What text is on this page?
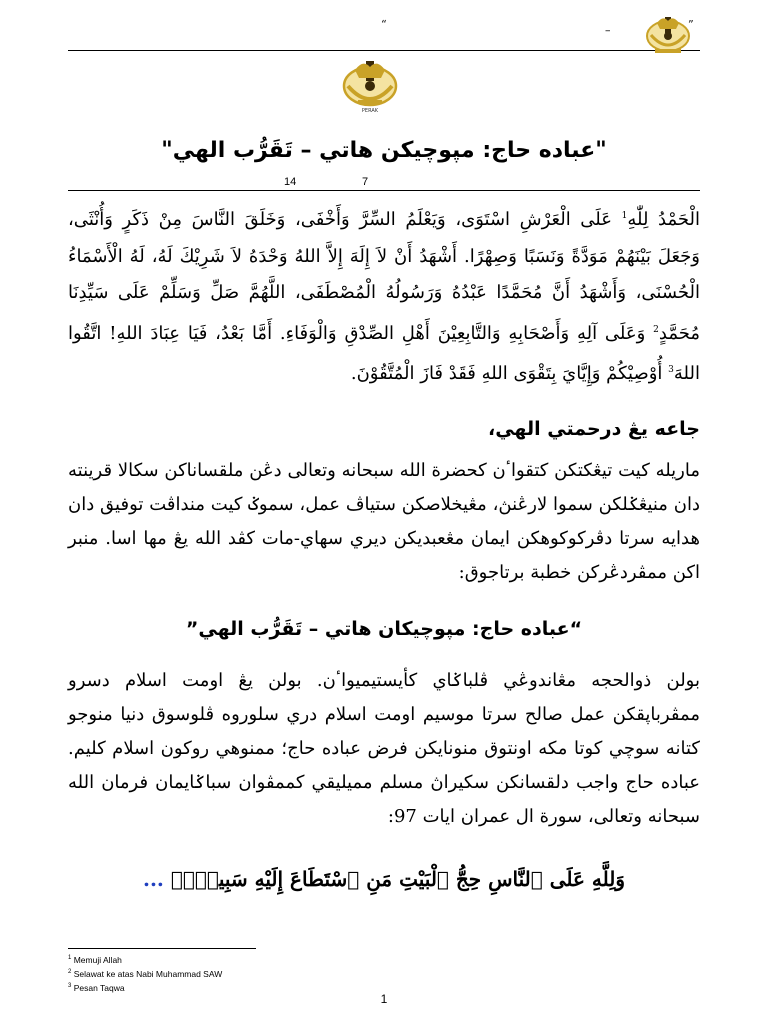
“	–	”
PERAK
"عباده حاج: مڽوچيکن هاتي – تَقَرُّب الهي"
14	7

الْحَمْدُ لِلّٰهِ$^1$ عَلَى الْعَرْشِ اسْتَوَى، وَيَعْلَمُ السِّرَّ وَأَخْفَى، وَخَلَقَ النَّاسَ مِنْ ذَكَرٍ وَأُنْثَى، وَجَعَلَ بَيْنَهُمْ مَوَدَّةً وَنَسَبًا وَصِهْرًا. أَشْهَدُ أَنْ لاَ إِلَهَ إِلاَّ اللهُ وَحْدَهُ لاَ شَرِيْكَ لَهُ، لَهُ الْأَسْمَاءُ الْحُسْنَى، وَأَشْهَدُ أَنَّ مُحَمَّدًا عَبْدُهُ وَرَسُولُهُ الْمُصْطَفَى، اللَّهُمَّ صَلِّ وَسَلِّمْ عَلَى سَيِّدِنَا مُحَمَّدٍ$^2$ وَعَلَى آلِهِ وَأَصْحَابِهِ وَالتَّابِعِيْنَ أَهْلِ الصِّدْقِ وَالْوَفَاءِ. أَمَّا بَعْدُ، فَيَا عِبَادَ اللهِ! اتَّقُوا اللهَ$^3$ أُوْصِيْكُمْ وَإِيَّايَ بِتَقْوَى اللهِ فَقَدْ فَازَ الْمُتَّقُوْنَ.

جاعه يڠ درحمتي الهي،

ماريله کيت تيڠکتکن کتقواٴن کحضرة الله سبحانه وتعالى دڠن ملقساناکن سکالا قرينته دان منيڠݢلکن سموا لارڠنڽ، مڠيخلاصکن ستياڤ عمل، سموݢ کيت منداڤت توفيق دان هدايه سرتا دڤرکوکوهکن ايمان مڠعبديکن ديري سهاي-مات کڤد الله يڠ مها اسا. منبر اکن ممڤردڠرکن خطبة برتاجوق:

“عباده حاج: مڽوچيکان هاتي – تَقَرُّب الهي”

بولن ذوالحجه مڠاندوڠي ڤلباݢاي کأيستيميواٴن. بولن يڠ اومت اسلام دسرو ممڤرباڽقکن عمل صالح سرتا موسيم اومت اسلام دري سلوروه ڤلوسوق دنيا منوجو کتانه سوچي کوتا مکه اونتوق منونايکن فرض عباده حاج؛ ممنوهي روکون اسلام کليم. عباده حاج واجب دلقسانکن سکيراڽ مسلم مميليقي کممڤوان سباݢايمان فرمان الله سبحانه وتعالى، سورة ال عمران ايات 97:

وَلِلَّهِ عَلَى ٱلنَّاسِ حِجُّ ٱلْبَيْتِ مَنِ ٱسْتَطَاعَ إِلَيْهِ سَبِيلًاۚ ...

$^1$ Memuji Allah
$^2$ Selawat ke atas Nabi Muhammad SAW
$^3$ Pesan Taqwa
1
